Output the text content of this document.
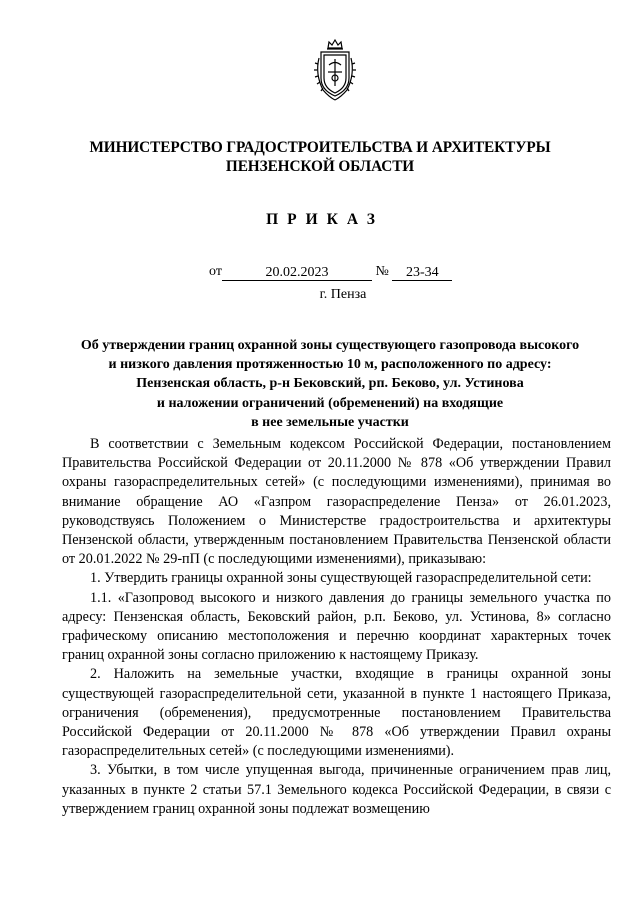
МИНИСТЕРСТВО ГРАДОСТРОИТЕЛЬСТВА И АРХИТЕКТУРЫ
ПЕНЗЕНСКОЙ ОБЛАСТИ
ПРИКАЗ
от	20.02.2023	№ 23-34
г. Пенза
Об утверждении границ охранной зоны существующего газопровода высокого
и низкого давления протяженностью 10 м, расположенного по адресу:
Пензенская область, р-н Бековский, рп. Беково, ул. Устинова
и наложении ограничений (обременений) на входящие
в нее земельные участки

В соответствии с Земельным кодексом Российской Федерации, постановлением Правительства Российской Федерации от 20.11.2000 № 878 «Об утверждении Правил охраны газораспределительных сетей» (с последующими изменениями), принимая во внимание обращение АО «Газпром газораспределение Пенза» от 26.01.2023, руководствуясь Положением о Министерстве градостроительства и архитектуры Пензенской области, утвержденным постановлением Правительства Пензенской области от 20.01.2022 № 29-пП (с последующими изменениями), приказываю:

1. Утвердить границы охранной зоны существующей газораспределительной сети:

1.1. «Газопровод высокого и низкого давления до границы земельного участка по адресу: Пензенская область, Бековский район, р.п. Беково, ул. Устинова, 8» согласно графическому описанию местоположения и перечню координат характерных точек границ охранной зоны согласно приложению к настоящему Приказу.

2. Наложить на земельные участки, входящие в границы охранной зоны существующей газораспределительной сети, указанной в пункте 1 настоящего Приказа, ограничения (обременения), предусмотренные постановлением Правительства Российской Федерации от 20.11.2000 № 878 «Об утверждении Правил охраны газораспределительных сетей» (с последующими изменениями).

3. Убытки, в том числе упущенная выгода, причиненные ограничением прав лиц, указанных в пункте 2 статьи 57.1 Земельного кодекса Российской Федерации, в связи с утверждением границ охранной зоны подлежат возмещению
